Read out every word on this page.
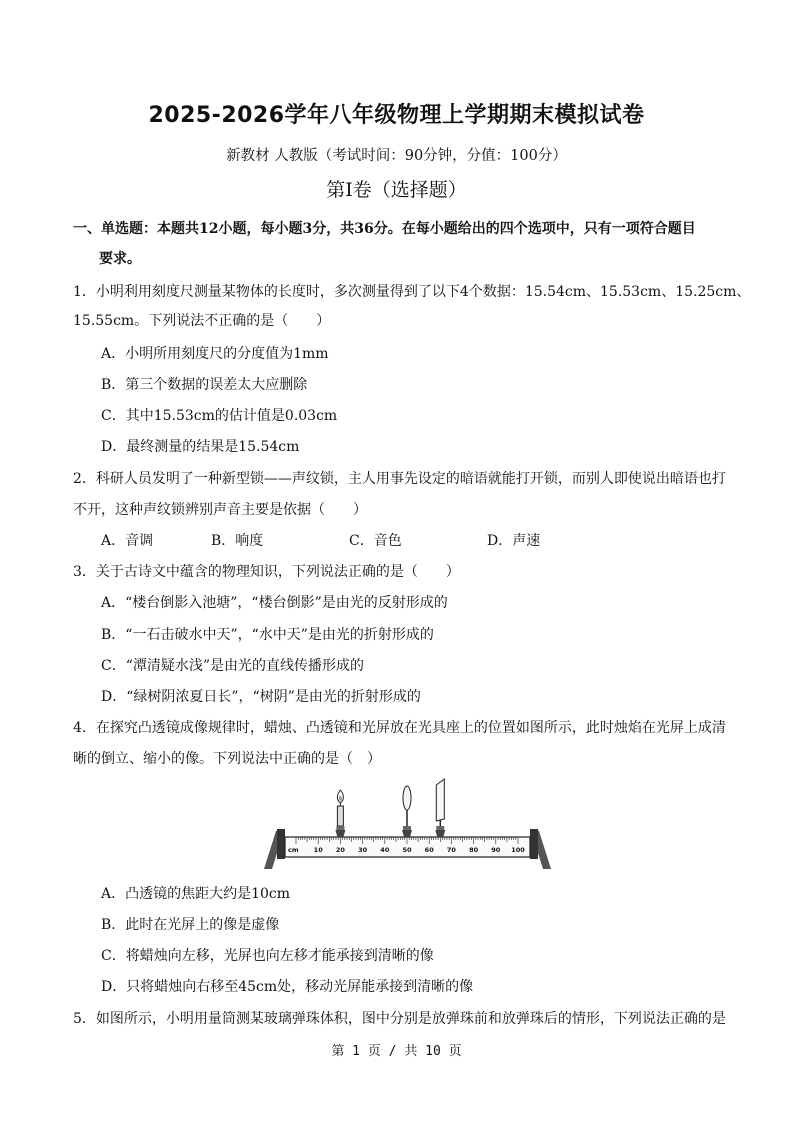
2025-2026学年八年级物理上学期期末模拟试卷
新教材 人教版（考试时间：90分钟，分值：100分）
第Ⅰ卷（选择题）
一、单选题：本题共12小题，每小题3分，共36分。在每小题给出的四个选项中，只有一项符合题目
要求。
1．小明利用刻度尺测量某物体的长度时，多次测量得到了以下4个数据：15.54cm、15.53cm、15.25cm、
15.55cm。下列说法不正确的是（　　）
A．小明所用刻度尺的分度值为1mm
B．第三个数据的误差太大应删除
C．其中15.53cm的估计值是0.03cm
D．最终测量的结果是15.54cm
2．科研人员发明了一种新型锁——声纹锁，主人用事先设定的暗语就能打开锁，而别人即使说出暗语也打
不开，这种声纹锁辨别声音主要是依据（　　）
A．音调	B．响度	C．音色	D．声速
3．关于古诗文中蕴含的物理知识，下列说法正确的是（　　）
A．“楼台倒影入池塘”，“楼台倒影”是由光的反射形成的
B．“一石击破水中天”，“水中天”是由光的折射形成的
C．“潭清疑水浅”是由光的直线传播形成的
D．“绿树阴浓夏日长”，“树阴”是由光的折射形成的
4．在探究凸透镜成像规律时，蜡烛、凸透镜和光屏放在光具座上的位置如图所示，此时烛焰在光屏上成清
晰的倒立、缩小的像。下列说法中正确的是（　）
10 20 30 40 50 60 70 80 90 100
cm
A．凸透镜的焦距大约是10cm
B．此时在光屏上的像是虚像
C．将蜡烛向左移，光屏也向左移才能承接到清晰的像
D．只将蜡烛向右移至45cm处，移动光屏能承接到清晰的像
5．如图所示，小明用量筒测某玻璃弹珠体积，图中分别是放弹珠前和放弹珠后的情形，下列说法正确的是
第 1 页 / 共 10 页
